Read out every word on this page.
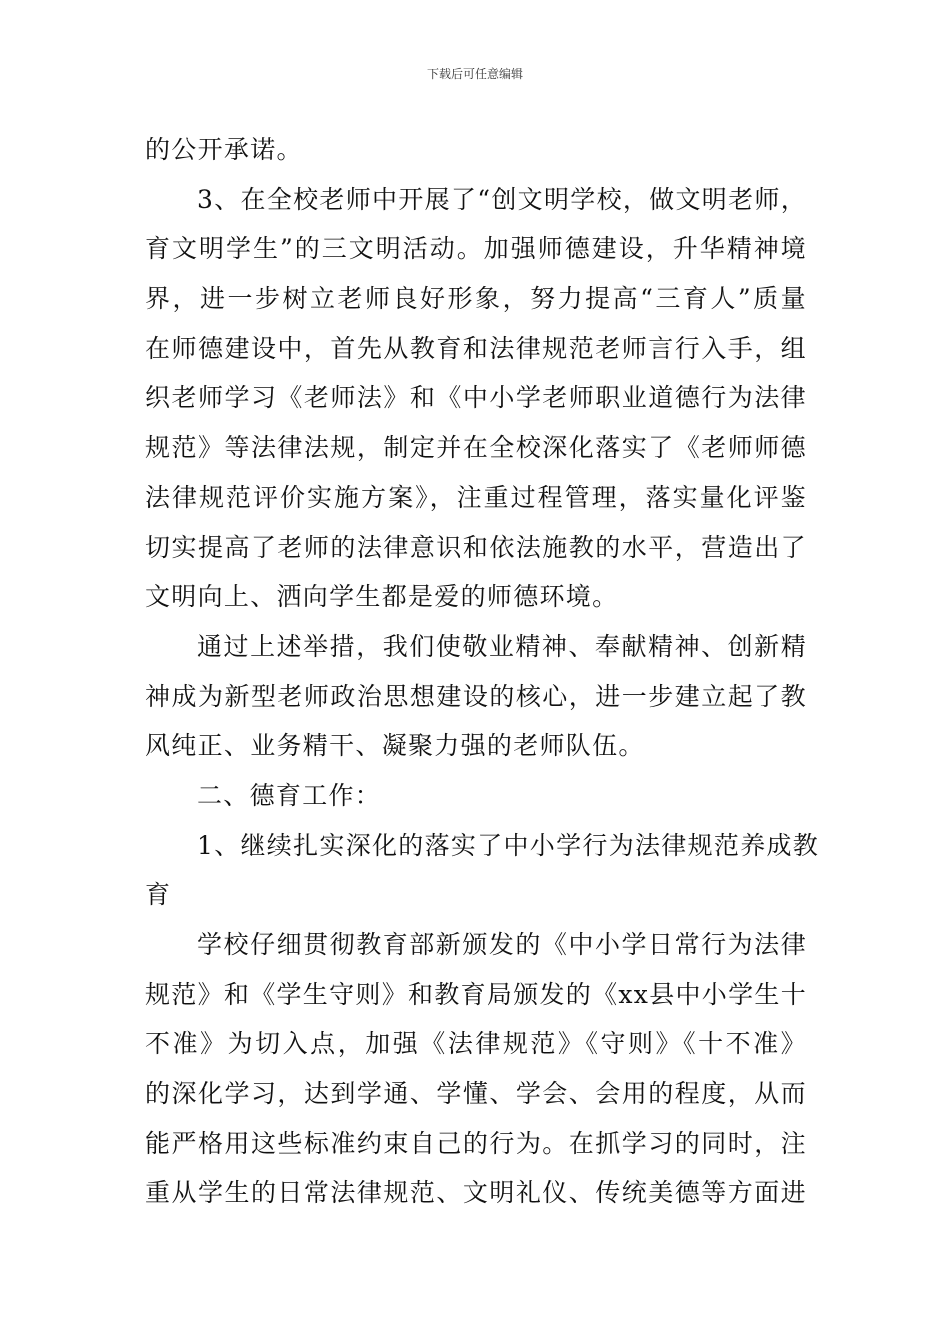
下载后可任意编辑
的公开承诺。
3、在全校老师中开展了“创文明学校，做文明老师，
育文明学生”的三文明活动。加强师德建设，升华精神境
界，进一步树立老师良好形象，努力提高“三育人”质量
在师德建设中，首先从教育和法律规范老师言行入手，组
织老师学习《老师法》和《中小学老师职业道德行为法律
规范》等法律法规，制定并在全校深化落实了《老师师德
法律规范评价实施方案》，注重过程管理，落实量化评鉴
切实提高了老师的法律意识和依法施教的水平，营造出了
文明向上、洒向学生都是爱的师德环境。
通过上述举措，我们使敬业精神、奉献精神、创新精
神成为新型老师政治思想建设的核心，进一步建立起了教
风纯正、业务精干、凝聚力强的老师队伍。
二、德育工作：
1、继续扎实深化的落实了中小学行为法律规范养成教
育
学校仔细贯彻教育部新颁发的《中小学日常行为法律
规范》和《学生守则》和教育局颁发的《xx县中小学生十
不准》为切入点，加强《法律规范》《守则》《十不准》
的深化学习，达到学通、学懂、学会、会用的程度，从而
能严格用这些标准约束自己的行为。在抓学习的同时，注
重从学生的日常法律规范、文明礼仪、传统美德等方面进
